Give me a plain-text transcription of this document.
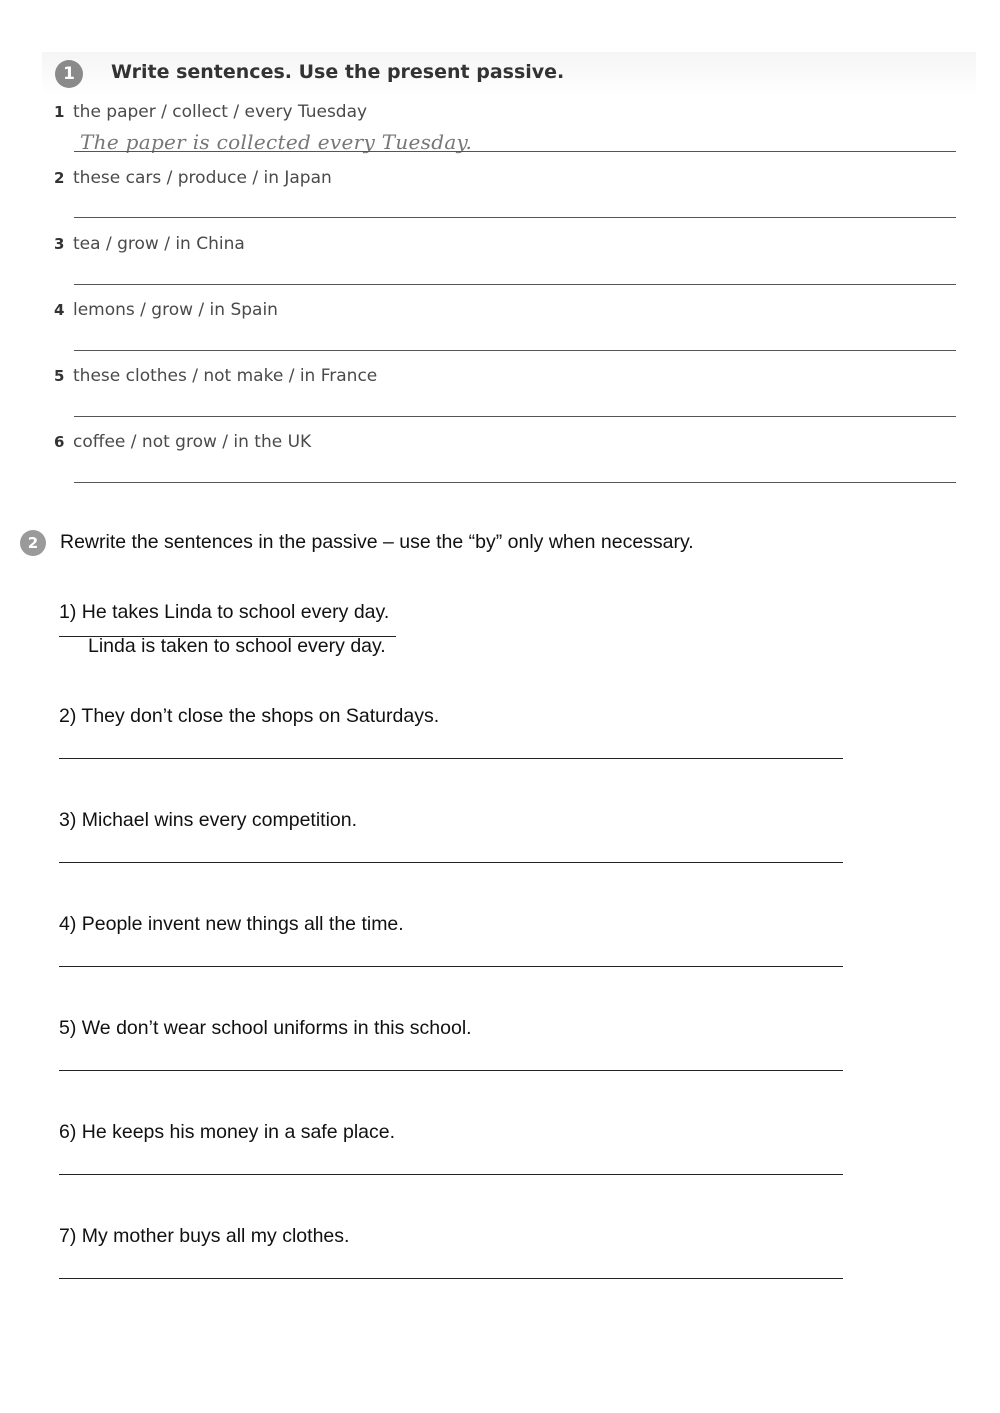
1	Write sentences. Use the present passive.
1 the paper / collect / every Tuesday
The paper is collected every Tuesday.
2 these cars / produce / in Japan
3 tea / grow / in China
4 lemons / grow / in Spain
5 these clothes / not make / in France
6 coffee / not grow / in the UK
2	Rewrite the sentences in the passive – use the “by” only when necessary.
1) He takes Linda to school every day.
Linda is taken to school every day.
2) They don’t close the shops on Saturdays.
3) Michael wins every competition.
4) People invent new things all the time.
5) We don’t wear school uniforms in this school.
6) He keeps his money in a safe place.
7) My mother buys all my clothes.
